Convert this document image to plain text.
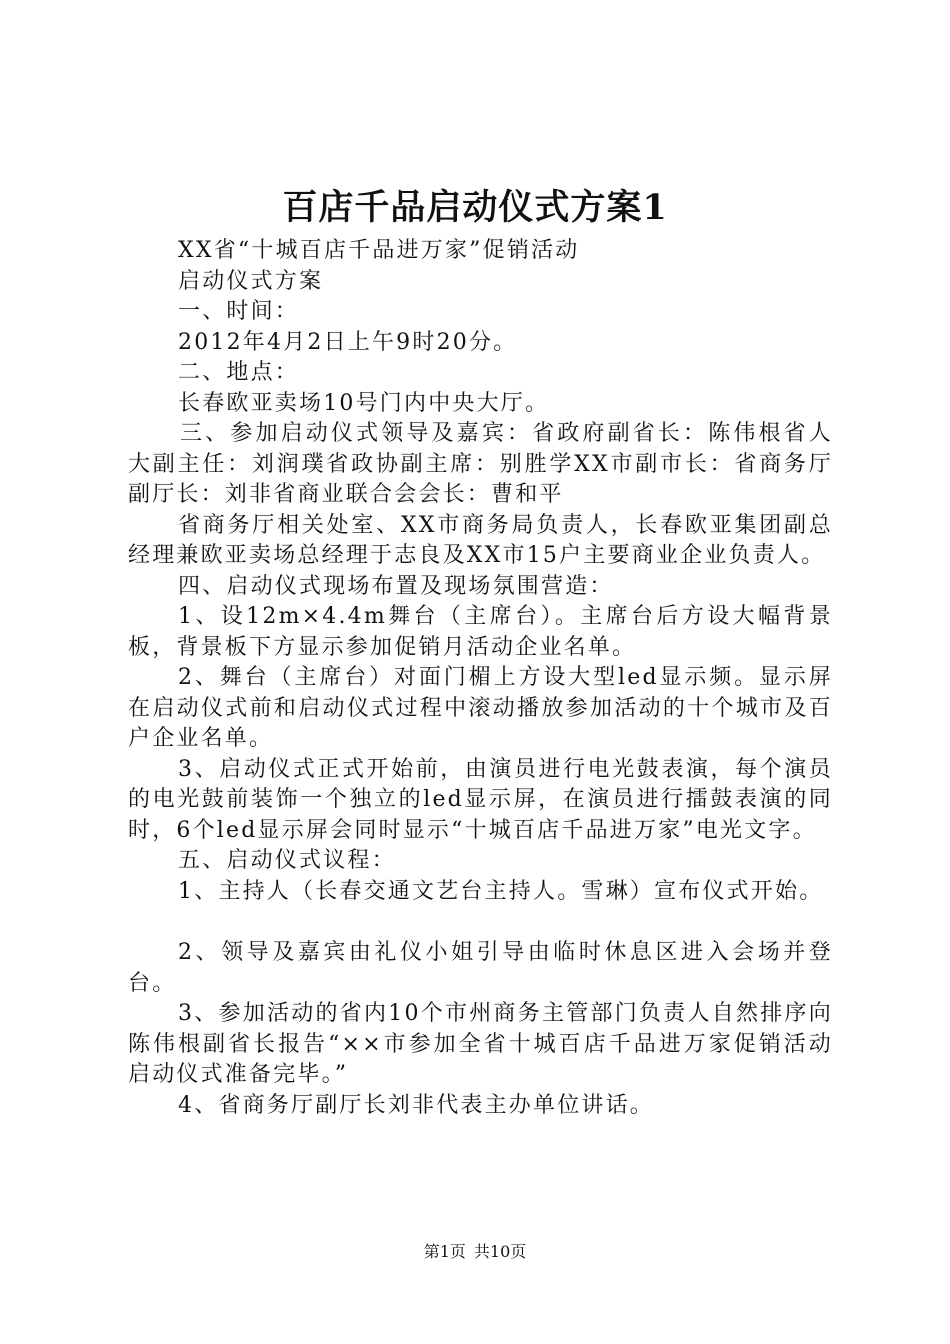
百店千品启动仪式方案1

XX省“十城百店千品进万家”促销活动

启动仪式方案

一、时间：

2012年4月2日上午9时20分。

二、地点：

长春欧亚卖场10号门内中央大厅。

三、参加启动仪式领导及嘉宾：省政府副省长：陈伟根省人大副主任：刘润璞省政协副主席：别胜学XX市副市长：省商务厅副厅长：刘非省商业联合会会长：曹和平

省商务厅相关处室、XX市商务局负责人，长春欧亚集团副总经理兼欧亚卖场总经理于志良及XX市15户主要商业企业负责人。

四、启动仪式现场布置及现场氛围营造：

1、设12m×4.4m舞台（主席台）。主席台后方设大幅背景板，背景板下方显示参加促销月活动企业名单。

2、舞台（主席台）对面门楣上方设大型led显示频。显示屏在启动仪式前和启动仪式过程中滚动播放参加活动的十个城市及百户企业名单。

3、启动仪式正式开始前，由演员进行电光鼓表演，每个演员的电光鼓前装饰一个独立的led显示屏，在演员进行擂鼓表演的同时，6个led显示屏会同时显示“十城百店千品进万家”电光文字。

五、启动仪式议程：

1、主持人（长春交通文艺台主持人。雪琳）宣布仪式开始。

2、领导及嘉宾由礼仪小姐引导由临时休息区进入会场并登台。

3、参加活动的省内10个市州商务主管部门负责人自然排序向陈伟根副省长报告“××市参加全省十城百店千品进万家促销活动启动仪式准备完毕。”

4、省商务厅副厅长刘非代表主办单位讲话。

第1页 共10页
